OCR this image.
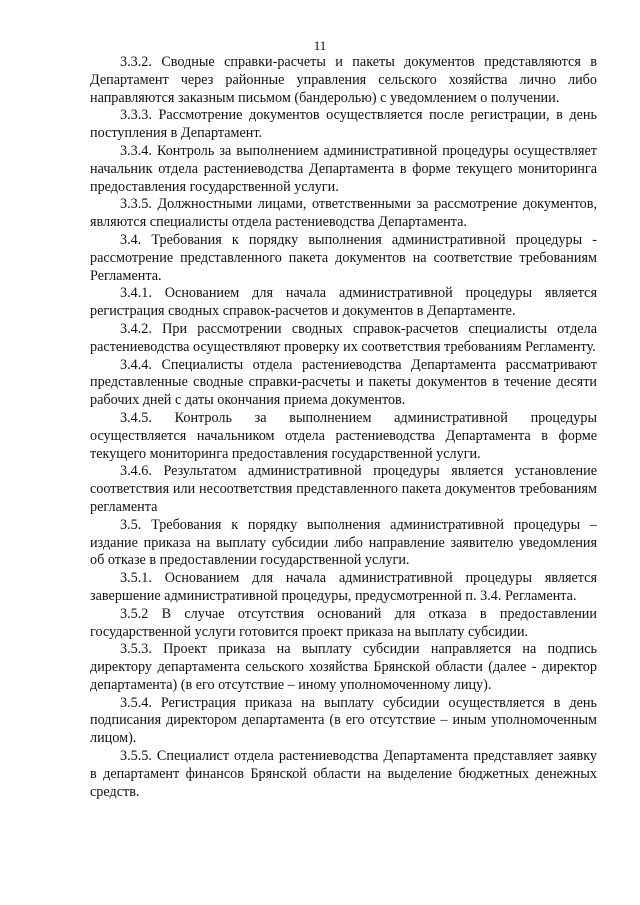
11

3.3.2. Сводные справки-расчеты и пакеты документов представляются в Департамент через районные управления сельского хозяйства лично либо направляются заказным письмом (бандеролью) с уведомлением о получении.

3.3.3. Рассмотрение документов осуществляется после регистрации, в день поступления в Департамент.

3.3.4. Контроль за выполнением административной процедуры осуществляет начальник отдела растениеводства Департамента в форме текущего мониторинга предоставления государственной услуги.

3.3.5. Должностными лицами, ответственными за рассмотрение документов, являются специалисты отдела растениеводства Департамента.

3.4. Требования к порядку выполнения административной процедуры - рассмотрение представленного пакета документов на соответствие требованиям Регламента.

3.4.1. Основанием для начала административной процедуры является регистрация сводных справок-расчетов и документов в Департаменте.

3.4.2. При рассмотрении сводных справок-расчетов специалисты отдела растениеводства осуществляют проверку их соответствия требованиям Регламенту.

3.4.4. Специалисты отдела растениеводства Департамента рассматривают представленные сводные справки-расчеты и пакеты документов в течение десяти рабочих дней с даты окончания приема документов.

3.4.5. Контроль за выполнением административной процедуры осуществляется начальником отдела растениеводства Департамента в форме текущего мониторинга предоставления государственной услуги.

3.4.6. Результатом административной процедуры является установление соответствия или несоответствия представленного пакета документов требованиям регламента

3.5. Требования к порядку выполнения административной процедуры – издание приказа на выплату субсидии либо направление заявителю уведомления об отказе в предоставлении государственной услуги.

3.5.1. Основанием для начала административной процедуры является завершение административной процедуры, предусмотренной п. 3.4. Регламента.

3.5.2 В случае отсутствия оснований для отказа в предоставлении государственной услуги готовится проект приказа на выплату субсидии.

3.5.3. Проект приказа на выплату субсидии направляется на подпись директору департамента сельского хозяйства Брянской области (далее - директор департамента) (в его отсутствие – иному уполномоченному лицу).

3.5.4. Регистрация приказа на выплату субсидии осуществляется в день подписания директором департамента (в его отсутствие – иным уполномоченным лицом).

3.5.5. Специалист отдела растениеводства Департамента представляет заявку в департамент финансов Брянской области на выделение бюджетных денежных средств.
